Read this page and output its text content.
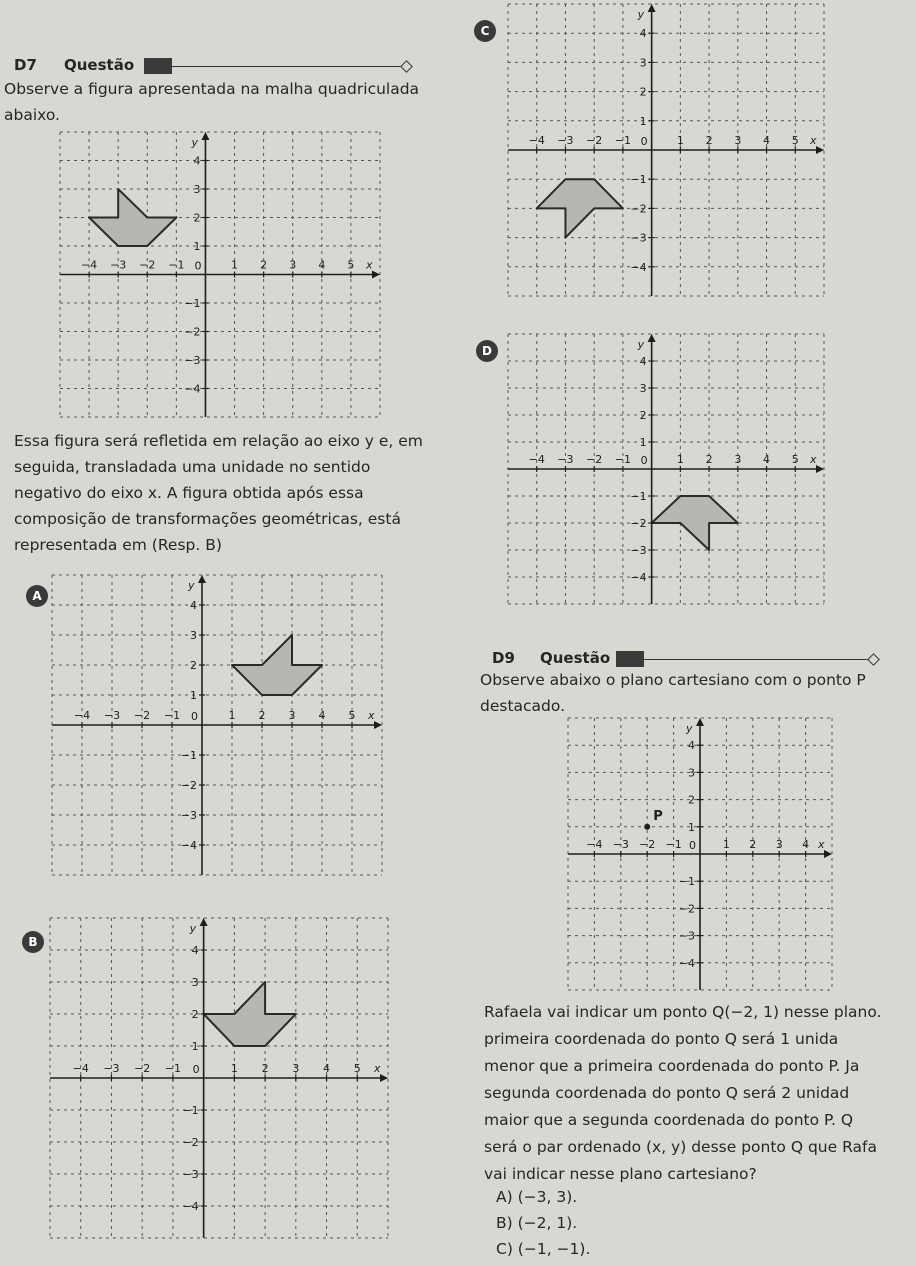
D7 Questão
Observe a figura apresentada na malha quadriculada
abaixo.
−4 −3 −2 −1	1 2 3 4 5
4
3
2
1
−1
−2
−3
−4
0	x
y
Essa figura será refletida em relação ao eixo y e, em
seguida, transladada uma unidade no sentido
negativo do eixo x. A figura obtida após essa
composição de transformações geométricas, está
representada em (Resp. B)
A
−4 −3 −2 −1	1 2 3 4 5
4
3
2
1
−1
−2
−3
−4
0	x
y
B
−4 −3 −2 −1	1 2 3 4 5
4
3
2
1
−1
−2
−3
−4
0	x
y
C
−4 −3 −2 −1	1 2 3 4 5
4
3
2
1
−1
−2
−3
−4
0	x
y
D
−4 −3 −2 −1	1 2 3 4 5
4
3
2
1
−1
−2
−3
−4
0	x
y
D9 Questão
Observe abaixo o plano cartesiano com o ponto P
destacado.
−4 −3 −2 −1	1 2 3 4
4
3
2
1
−1
−2
−3
−4
0	x
y
P
Rafaela vai indicar um ponto Q(−2, 1) nesse plano.
primeira coordenada do ponto Q será 1 unida
menor que a primeira coordenada do ponto P. Ja
segunda coordenada do ponto Q será 2 unidad
maior que a segunda coordenada do ponto P. Q
será o par ordenado (x, y) desse ponto Q que Rafa
vai indicar nesse plano cartesiano?
A) (−3, 3).
B) (−2, 1).
C) (−1, −1).
